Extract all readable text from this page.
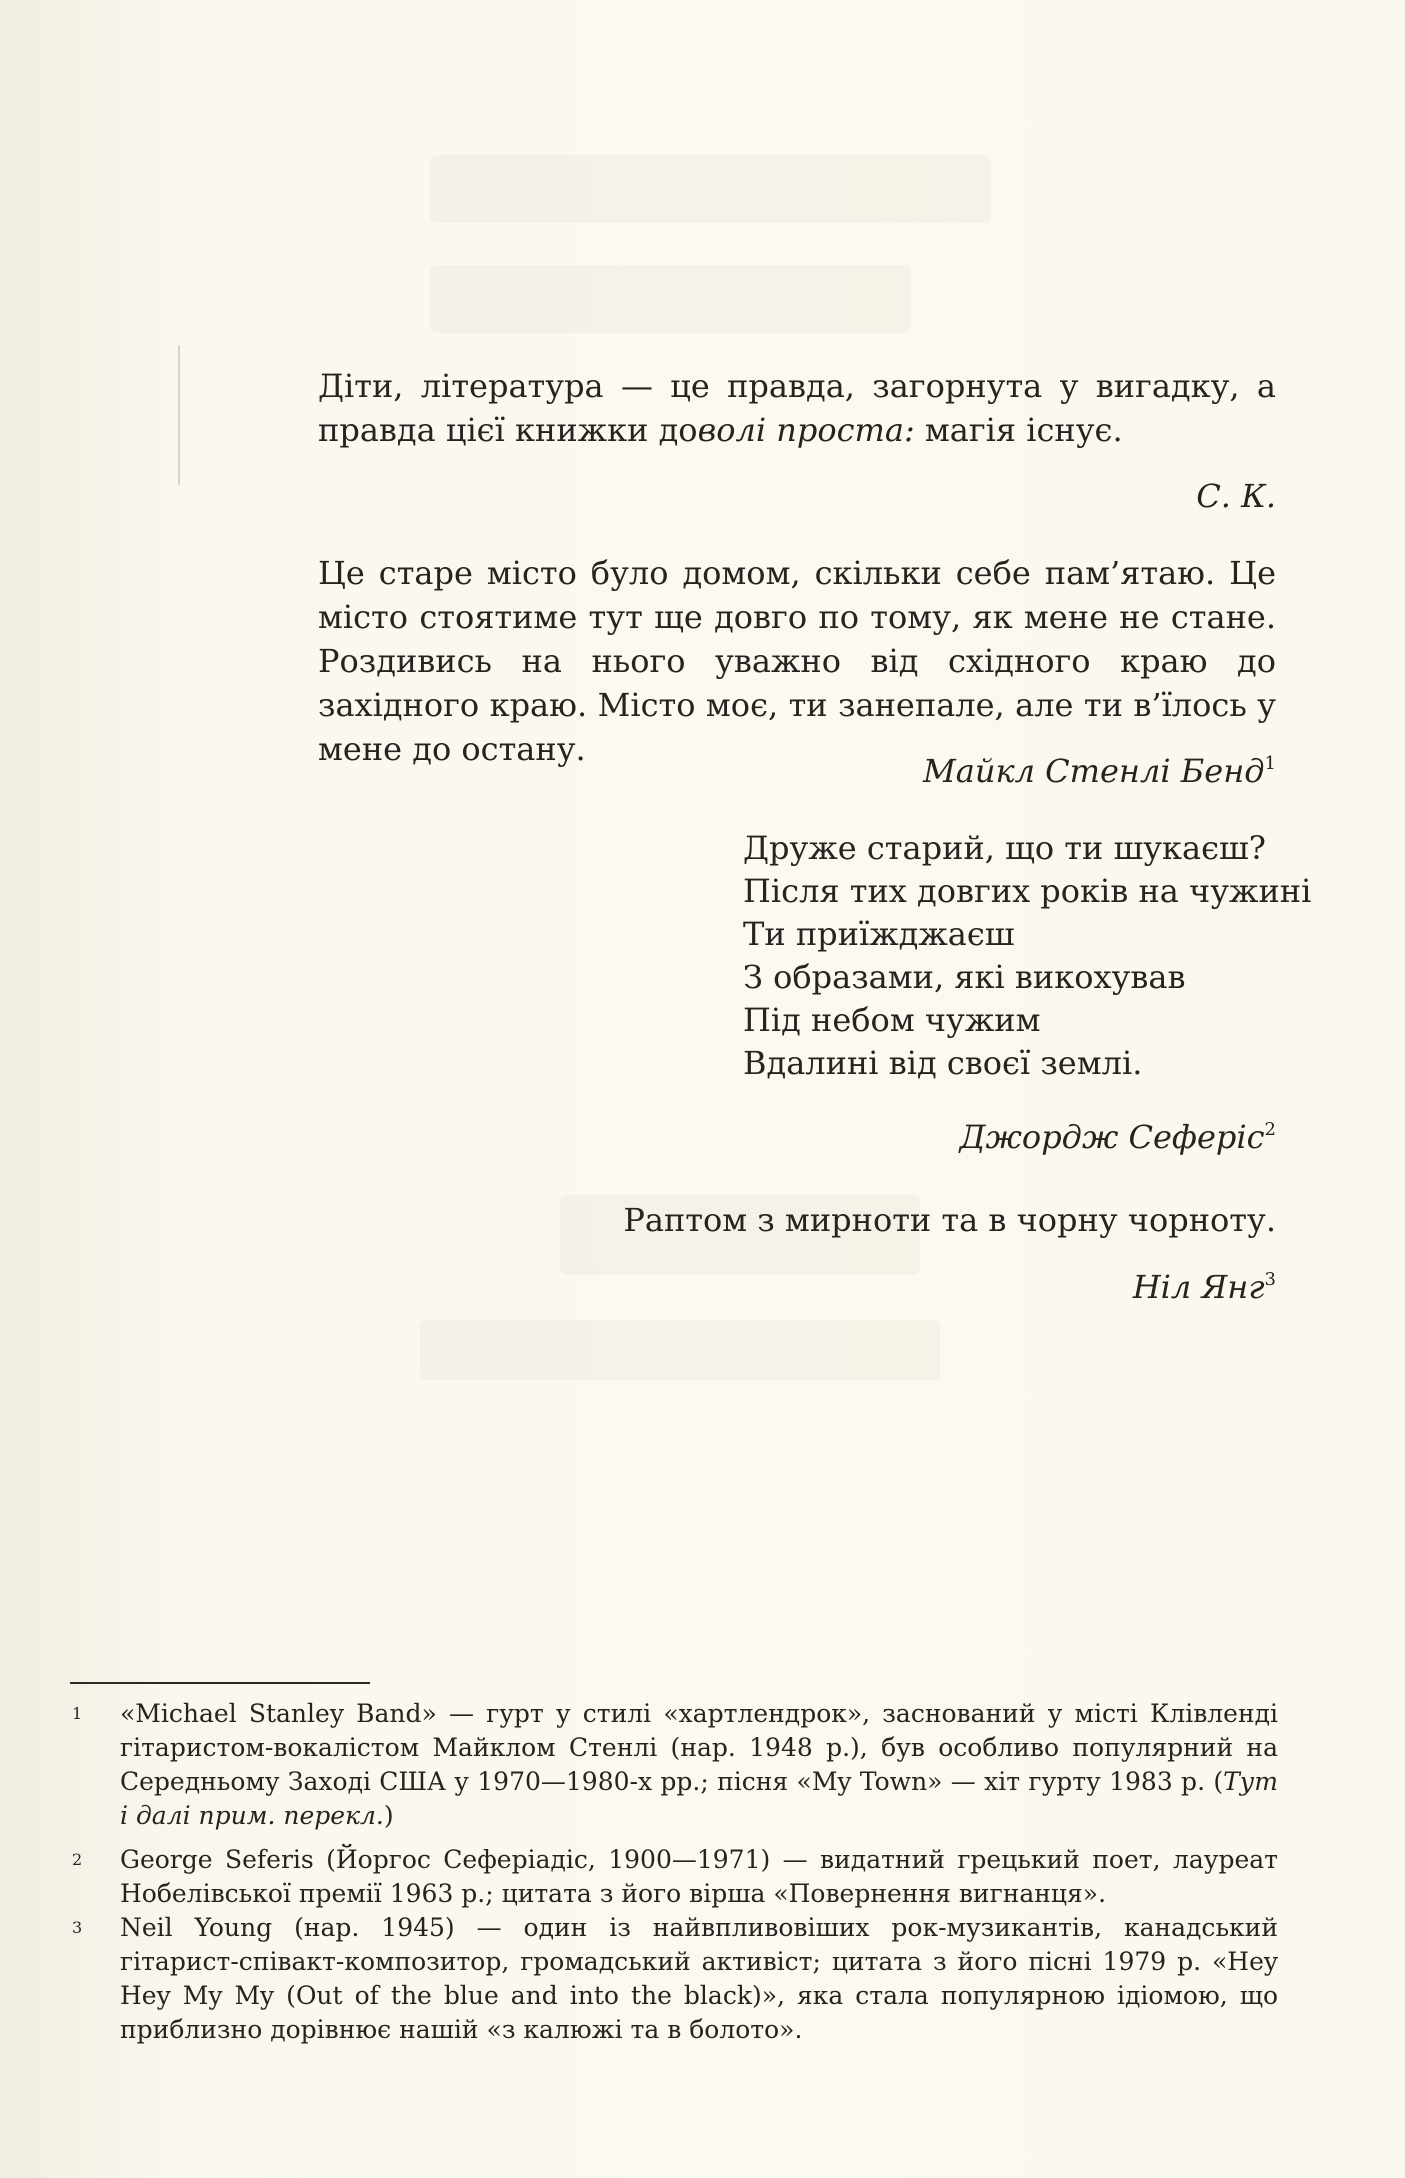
Діти, література — це правда, загорнута у вигадку, а правда цієї книжки доволі проста: магія існує.

С. К.

Це старе місто було домом, скільки себе пам’ятаю. Це місто стоятиме тут ще довго по тому, як мене не стане. Роздивись на нього уважно від східного краю до західного краю. Місто моє, ти занепале, але ти в’їлось у мене до остану.

Майкл Стенлі Бенд$^1$

Друже старий, що ти шукаєш?
Після тих довгих років на чужині
Ти приїжджаєш
З образами, які викохував
Під небом чужим
Вдалині від своєї землі.

Джордж Сеферіс$^2$

Раптом з мирноти та в чорну чорноту.

Ніл Янг$^3$

1 «Michael Stanley Band» — гурт у стилі «хартлендрок», заснований у місті Клівленді гітаристом-вокалістом Майклом Стенлі (нар. 1948 р.), був особливо популярний на Середньому Заході США у 1970—1980-х рр.; пісня «My Town» — хіт гурту 1983 р. (Тут і далі прим. перекл.)
2 George Seferis (Йоргос Сеферіадіс, 1900—1971) — видатний грецький поет, лауреат Нобелівської премії 1963 р.; цитата з його вірша «Повернення вигнанця».
3 Neil Young (нар. 1945) — один із найвпливовіших рок-музикантів, канадський гітарист-співакт-композитор, громадський активіст; цитата з його пісні 1979 р. «Hey Hey My My (Out of the blue and into the black)», яка стала популярною ідіомою, що приблизно дорівнює нашій «з калюжі та в болото».
